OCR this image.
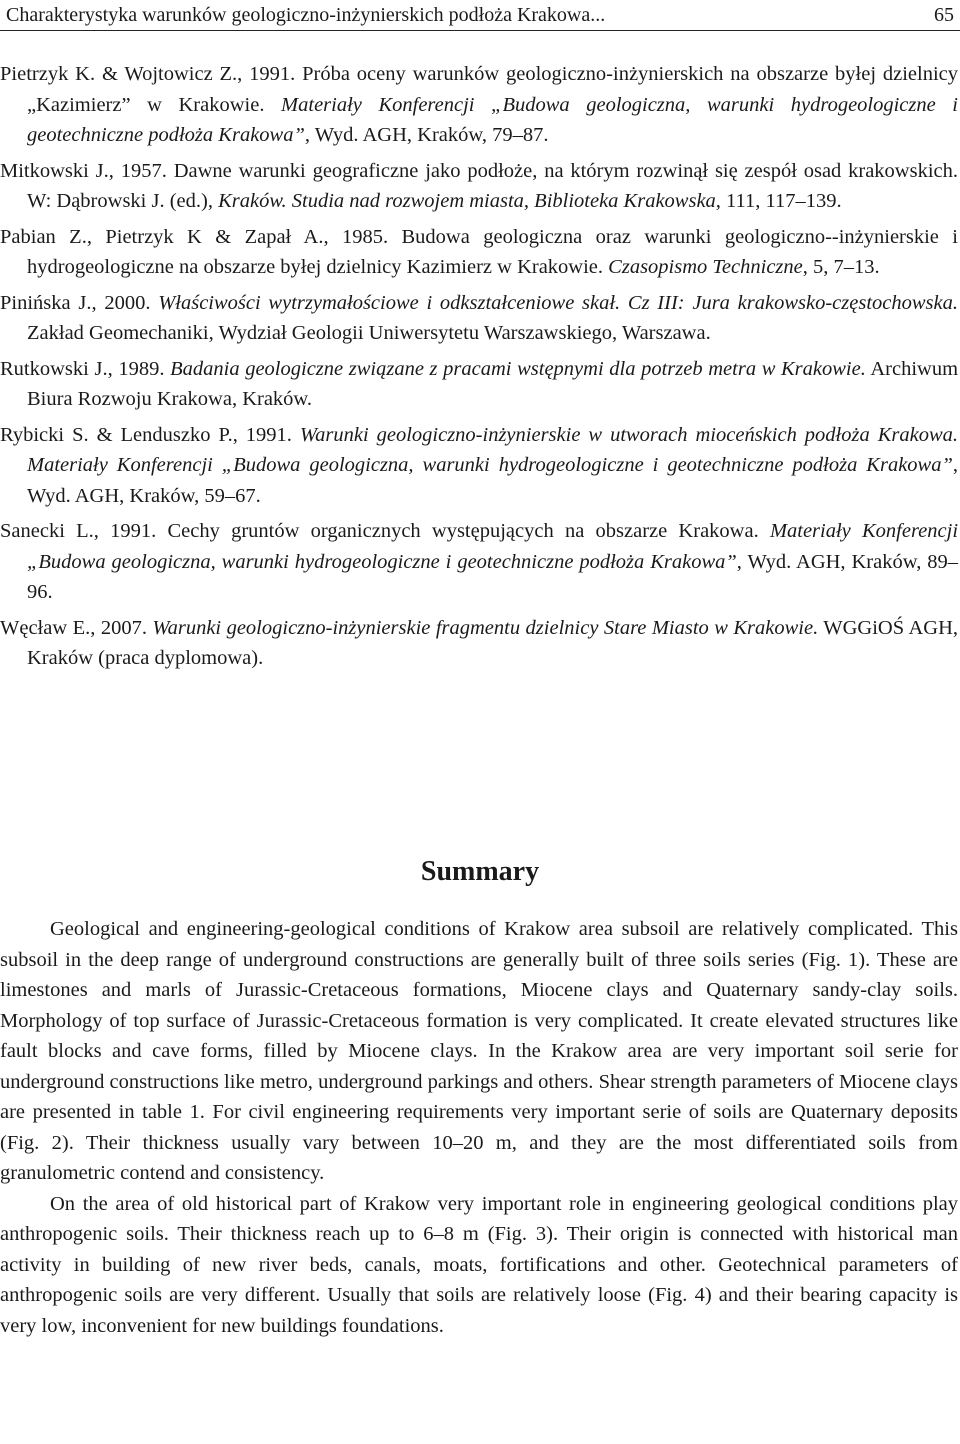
Charakterystyka warunków geologiczno-inżynierskich podłoża Krakowa...	65

Pietrzyk K. & Wojtowicz Z., 1991. Próba oceny warunków geologiczno-inżynierskich na obszarze byłej dzielnicy „Kazimierz” w Krakowie. Materiały Konferencji „Budowa geologiczna, warunki hydrogeologiczne i geotechniczne podłoża Krakowa”, Wyd. AGH, Kraków, 79–87.

Mitkowski J., 1957. Dawne warunki geograficzne jako podłoże, na którym rozwinął się zespół osad krakowskich. W: Dąbrowski J. (ed.), Kraków. Studia nad rozwojem miasta, Biblioteka Krakowska, 111, 117–139.

Pabian Z., Pietrzyk K & Zapał A., 1985. Budowa geologiczna oraz warunki geologiczno--inżynierskie i hydrogeologiczne na obszarze byłej dzielnicy Kazimierz w Krakowie. Czasopismo Techniczne, 5, 7–13.

Pinińska J., 2000. Właściwości wytrzymałościowe i odkształceniowe skał. Cz III: Jura krakowsko-częstochowska. Zakład Geomechaniki, Wydział Geologii Uniwersytetu Warszawskiego, Warszawa.

Rutkowski J., 1989. Badania geologiczne związane z pracami wstępnymi dla potrzeb metra w Krakowie. Archiwum Biura Rozwoju Krakowa, Kraków.

Rybicki S. & Lenduszko P., 1991. Warunki geologiczno-inżynierskie w utworach mioceńskich podłoża Krakowa. Materiały Konferencji „Budowa geologiczna, warunki hydrogeologiczne i geotechniczne podłoża Krakowa”, Wyd. AGH, Kraków, 59–67.

Sanecki L., 1991. Cechy gruntów organicznych występujących na obszarze Krakowa. Materiały Konferencji „Budowa geologiczna, warunki hydrogeologiczne i geotechniczne podłoża Krakowa”, Wyd. AGH, Kraków, 89–96.

Węcław E., 2007. Warunki geologiczno-inżynierskie fragmentu dzielnicy Stare Miasto w Krakowie. WGGiOŚ AGH, Kraków (praca dyplomowa).

Summary

Geological and engineering-geological conditions of Krakow area subsoil are relatively complicated. This subsoil in the deep range of underground constructions are generally built of three soils series (Fig. 1). These are limestones and marls of Jurassic-Cretaceous formations, Miocene clays and Quaternary sandy-clay soils. Morphology of top surface of Jurassic-Cretaceous formation is very complicated. It create elevated structures like fault blocks and cave forms, filled by Miocene clays. In the Krakow area are very important soil serie for underground constructions like metro, underground parkings and others. Shear strength parameters of Miocene clays are presented in table 1. For civil engineering requirements very important serie of soils are Quaternary deposits (Fig. 2). Their thickness usually vary between 10–20 m, and they are the most differentiated soils from granulometric contend and consistency.

On the area of old historical part of Krakow very important role in engineering geological conditions play anthropogenic soils. Their thickness reach up to 6–8 m (Fig. 3). Their origin is connected with historical man activity in building of new river beds, canals, moats, fortifications and other. Geotechnical parameters of anthropogenic soils are very different. Usually that soils are relatively loose (Fig. 4) and their bearing capacity is very low, inconvenient for new buildings foundations.
